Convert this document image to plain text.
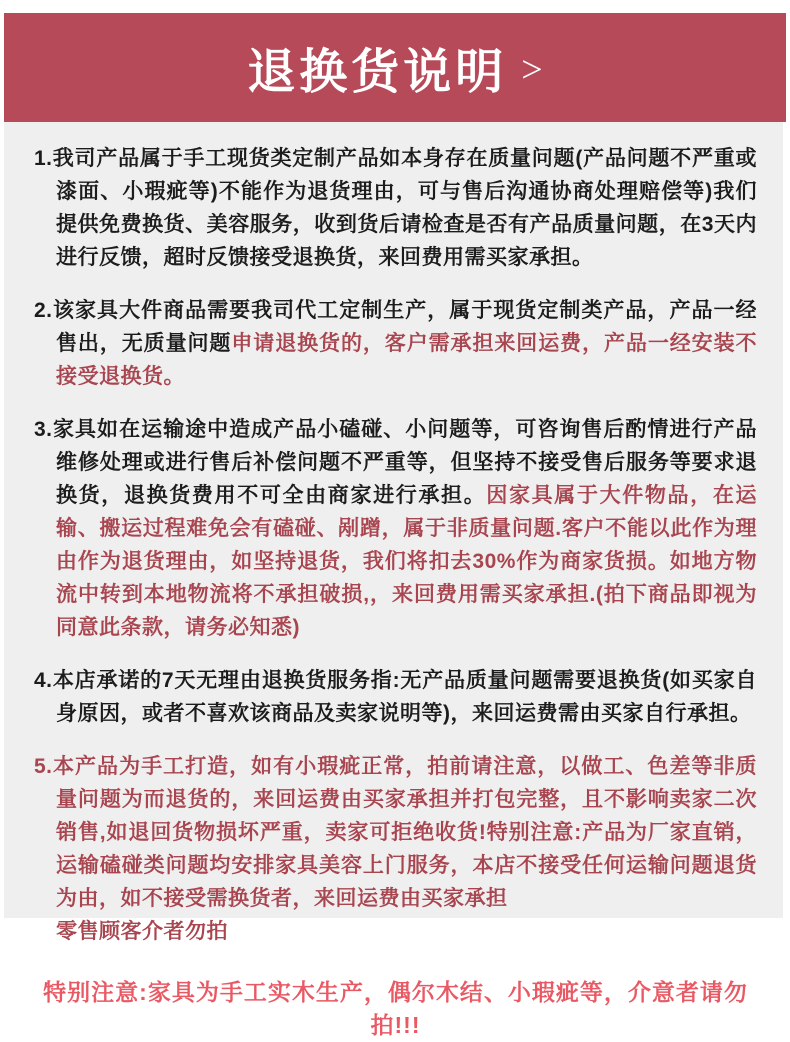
退换货说明 >
1.我司产品属于手工现货类定制产品如本身存在质量问题(产品问题不严重或漆面、小瑕疵等)不能作为退货理由，可与售后沟通协商处理赔偿等)我们提供免费换货、美容服务，收到货后请检查是否有产品质量问题，在3天内进行反馈，超时反馈接受退换货，来回费用需买家承担。
2.该家具大件商品需要我司代工定制生产，属于现货定制类产品，产品一经售出，无质量问题申请退换货的，客户需承担来回运费，产品一经安装不接受退换货。
3.家具如在运输途中造成产品小磕碰、小问题等，可咨询售后酌情进行产品维修处理或进行售后补偿问题不严重等，但坚持不接受售后服务等要求退换货，退换货费用不可全由商家进行承担。因家具属于大件物品，在运输、搬运过程难免会有磕碰、剐蹭，属于非质量问题.客户不能以此作为理由作为退货理由，如坚持退货，我们将扣去30%作为商家货损。如地方物流中转到本地物流将不承担破损,，来回费用需买家承担.(拍下商品即视为同意此条款，请务必知悉)
4.本店承诺的7天无理由退换货服务指:无产品质量问题需要退换货(如买家自身原因，或者不喜欢该商品及卖家说明等)，来回运费需由买家自行承担。
5.本产品为手工打造，如有小瑕疵正常，拍前请注意，以做工、色差等非质量问题为而退货的，来回运费由买家承担并打包完整，且不影响卖家二次销售,如退回货物损坏严重，卖家可拒绝收货!特别注意:产品为厂家直销，运输磕碰类问题均安排家具美容上门服务，本店不接受任何运输问题退货为由，如不接受需换货者，来回运费由买家承担
零售顾客介者勿拍
特别注意:家具为手工实木生产，偶尔木结、小瑕疵等，介意者请勿拍!!!
